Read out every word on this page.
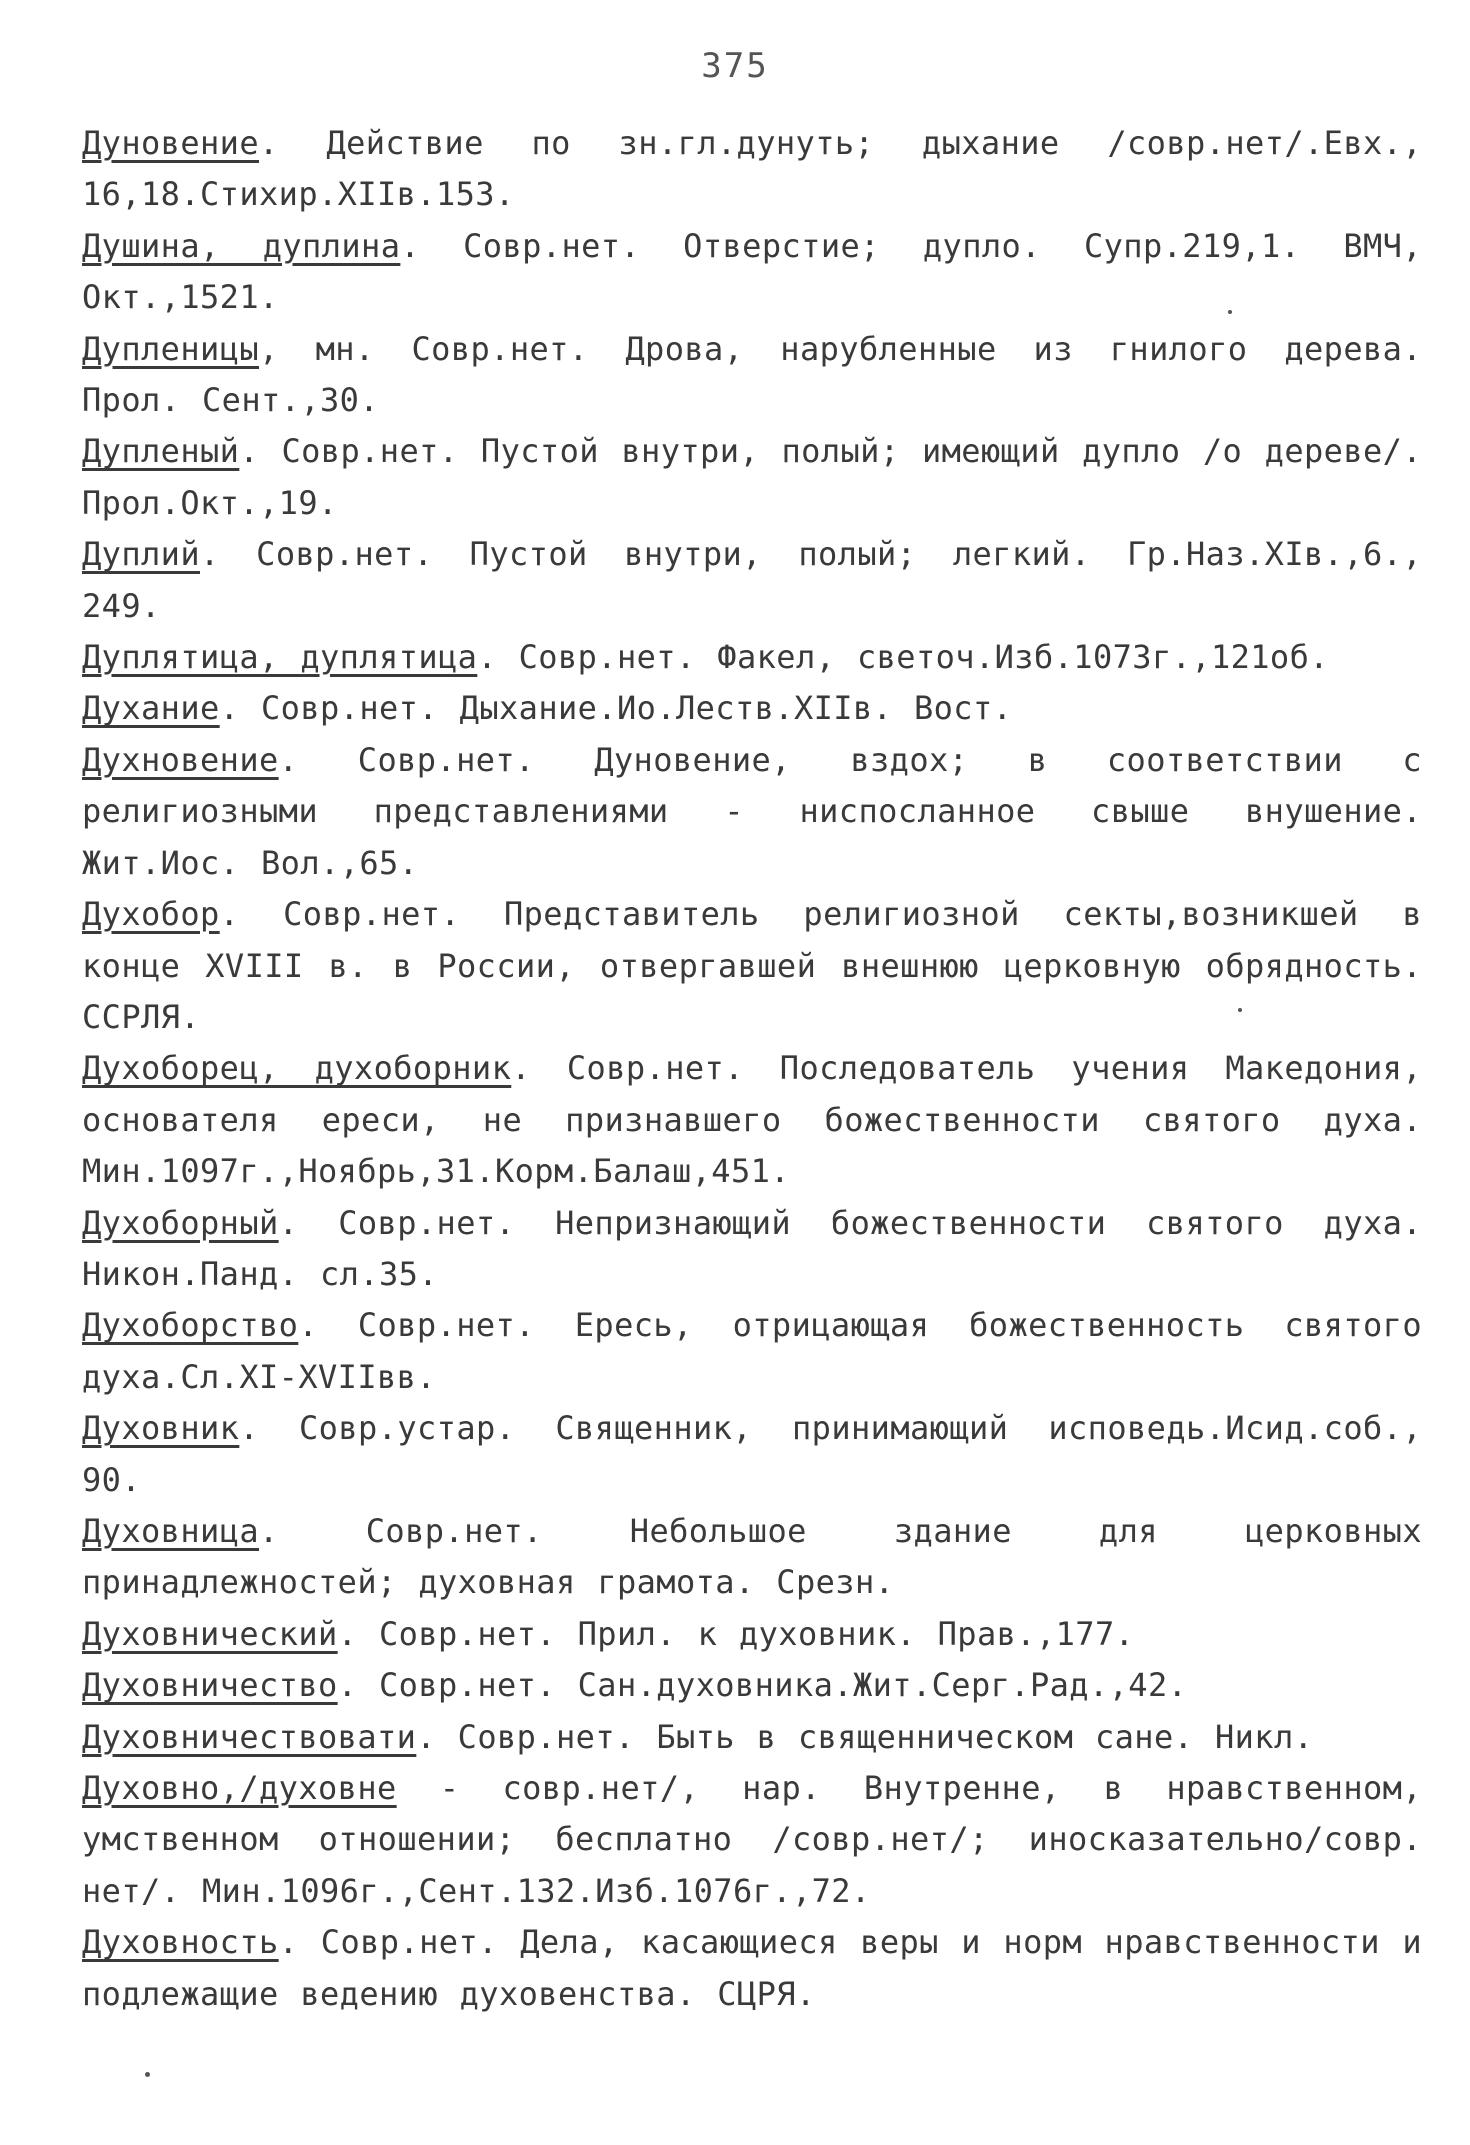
375
Дуновение. Действие по зн.гл.дунуть; дыхание /совр.нет/.Евх., 16,18.Стихир.XIIв.153.
Душина, дуплина. Совр.нет. Отверстие; дупло. Супр.219,1. ВМЧ, Окт.,1521.
Дупленицы, мн. Совр.нет. Дрова, нарубленные из гнилого дерева. Прол. Сент.,30.
Дупленый. Совр.нет. Пустой внутри, полый; имеющий дупло /о дереве/. Прол.Окт.,19.
Дуплий. Совр.нет. Пустой внутри, полый; легкий. Гр.Наз.XIв.,6., 249.
Дуплятица, дуплятица. Совр.нет. Факел, светоч.Изб.1073г.,121об.
Духание. Совр.нет. Дыхание.Ио.Леств.XIIв. Вост.
Духновение. Совр.нет. Дуновение, вздох; в соответствии с религиозными представлениями - ниспосланное свыше внушение. Жит.Иос. Вол.,65.
Духобор. Совр.нет. Представитель религиозной секты,возникшей в конце XVIII в. в России, отвергавшей внешнюю церковную обрядность. ССРЛЯ.
Духоборец, духоборник. Совр.нет. Последователь учения Македония, основателя ереси, не признавшего божественности святого духа. Мин.1097г.,Ноябрь,31.Корм.Балаш,451.
Духоборный. Совр.нет. Непризнающий божественности святого духа. Никон.Панд. сл.35.
Духоборство. Совр.нет. Ересь, отрицающая божественность святого духа.Сл.XI-XVIIвв.
Духовник. Совр.устар. Священник, принимающий исповедь.Исид.соб., 90.
Духовница. Совр.нет. Небольшое здание для церковных принадлежностей; духовная грамота. Срезн.
Духовнический. Совр.нет. Прил. к духовник. Прав.,177.
Духовничество. Совр.нет. Сан.духовника.Жит.Серг.Рад.,42.
Духовничествовати. Совр.нет. Быть в священническом сане. Никл.
Духовно,/духовне - совр.нет/, нар. Внутренне, в нравственном, умственном отношении; бесплатно /совр.нет/; иносказательно/совр. нет/. Мин.1096г.,Сент.132.Изб.1076г.,72.
Духовность. Совр.нет. Дела, касающиеся веры и норм нравственности и подлежащие ведению духовенства. СЦРЯ.
